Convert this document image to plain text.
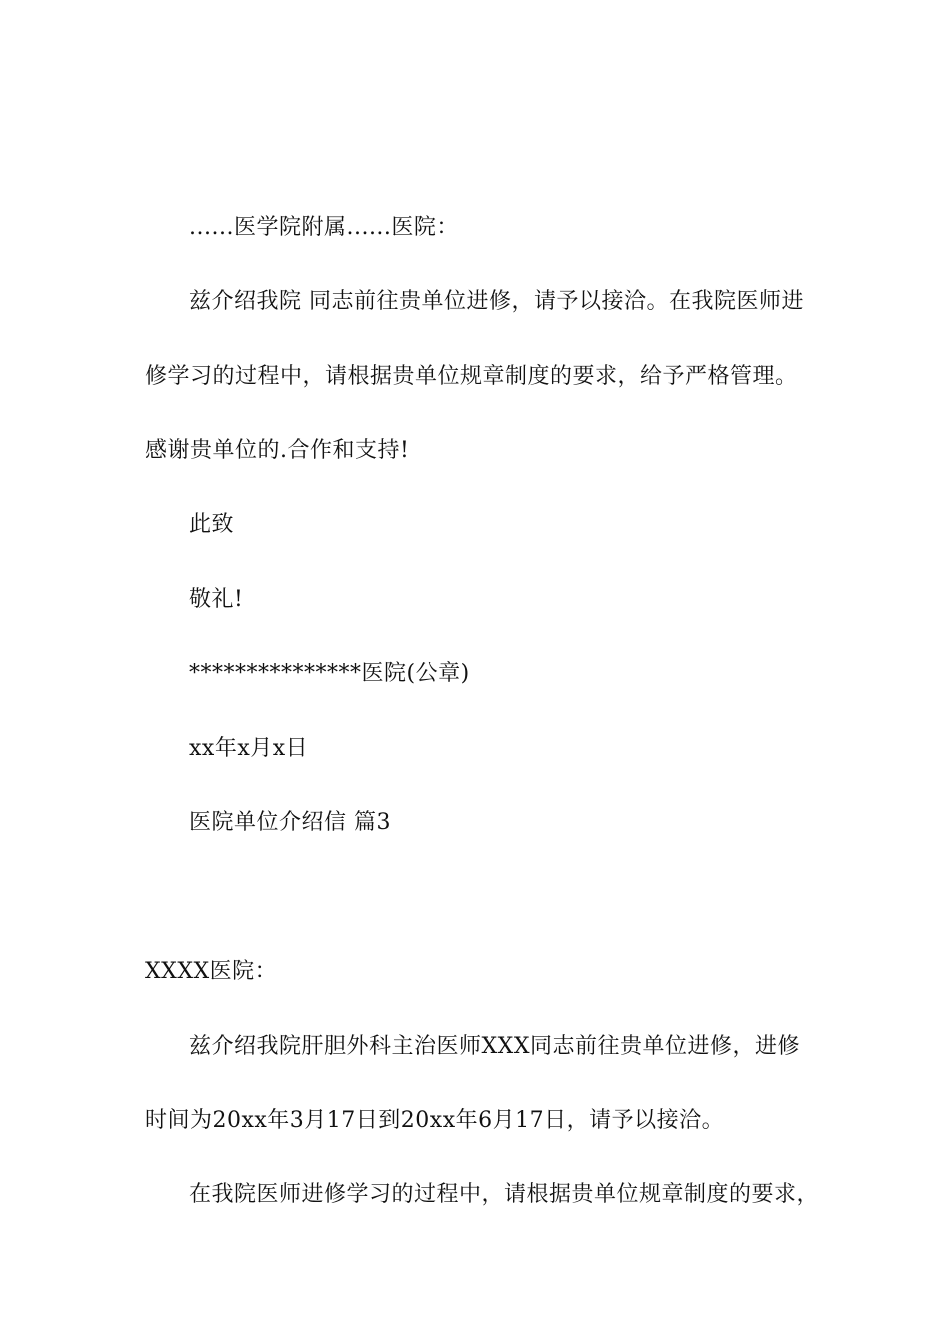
......医学院附属......医院：
兹介绍我院 同志前往贵单位进修，请予以接洽。在我院医师进
修学习的过程中，请根据贵单位规章制度的要求，给予严格管理。
感谢贵单位的.合作和支持!
此致
敬礼!
***************医院(公章)
xx年x月x日
医院单位介绍信 篇3
XXXX医院：
兹介绍我院肝胆外科主治医师XXX同志前往贵单位进修，进修
时间为20xx年3月17日到20xx年6月17日，请予以接洽。
在我院医师进修学习的过程中，请根据贵单位规章制度的要求，
